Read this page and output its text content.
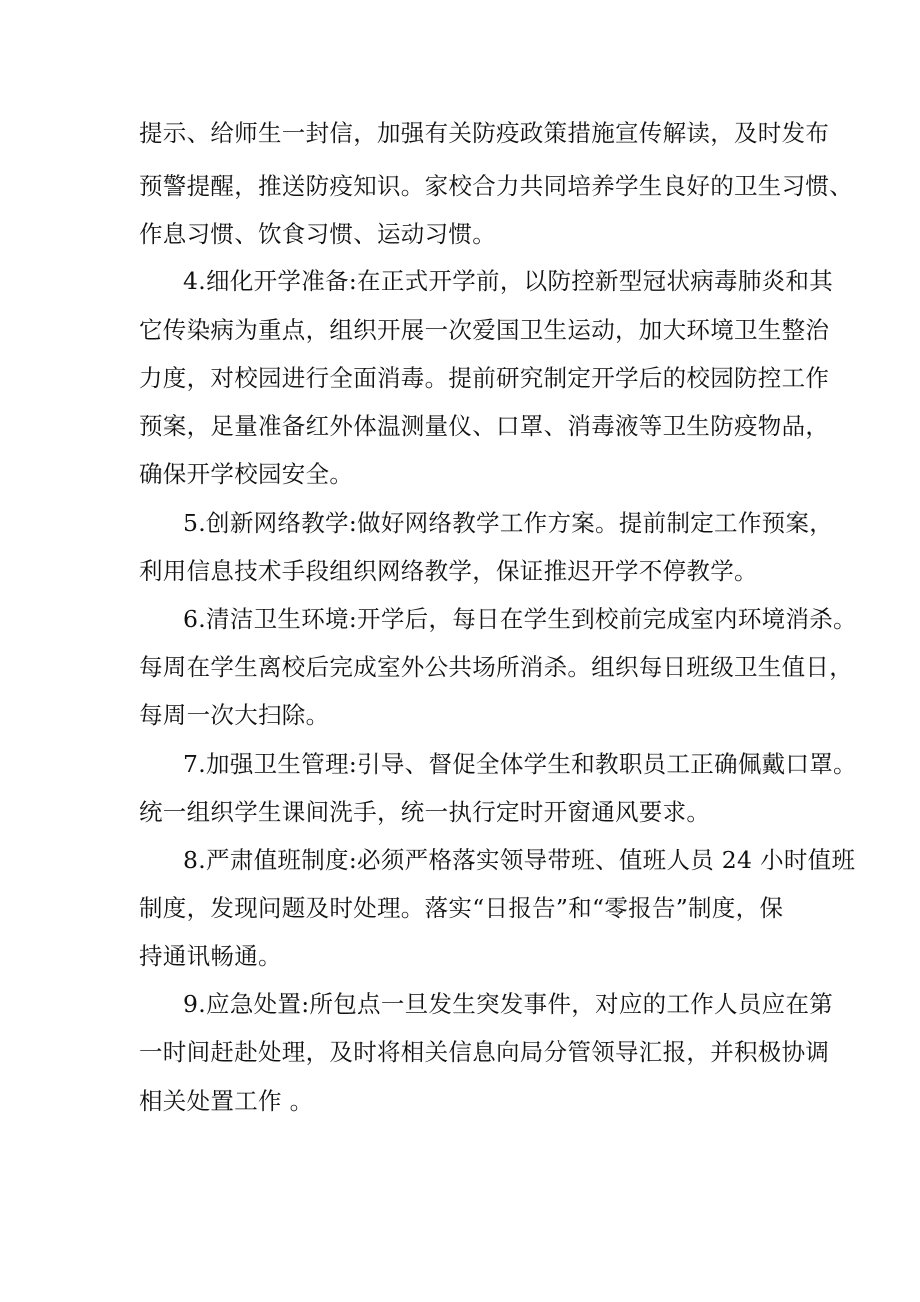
提示、给师生一封信，加强有关防疫政策措施宣传解读，及时发布
预警提醒，推送防疫知识。家校合力共同培养学生良好的卫生习惯、
作息习惯、饮食习惯、运动习惯。
4.细化开学准备:在正式开学前，以防控新型冠状病毒肺炎和其
它传染病为重点，组织开展一次爱国卫生运动，加大环境卫生整治
力度，对校园进行全面消毒。提前研究制定开学后的校园防控工作
预案，足量准备红外体温测量仪、口罩、消毒液等卫生防疫物品，
确保开学校园安全。
5.创新网络教学:做好网络教学工作方案。提前制定工作预案，
利用信息技术手段组织网络教学，保证推迟开学不停教学。
6.清洁卫生环境:开学后，每日在学生到校前完成室内环境消杀。
每周在学生离校后完成室外公共场所消杀。组织每日班级卫生值日，
每周一次大扫除。
7.加强卫生管理:引导、督促全体学生和教职员工正确佩戴口罩。
统一组织学生课间洗手，统一执行定时开窗通风要求。
8.严肃值班制度:必须严格落实领导带班、值班人员 24 小时值班
制度，发现问题及时处理。落实“日报告”和“零报告”制度，保
持通讯畅通。
9.应急处置:所包点一旦发生突发事件，对应的工作人员应在第
一时间赶赴处理，及时将相关信息向局分管领导汇报，并积极协调
相关处置工作 。
